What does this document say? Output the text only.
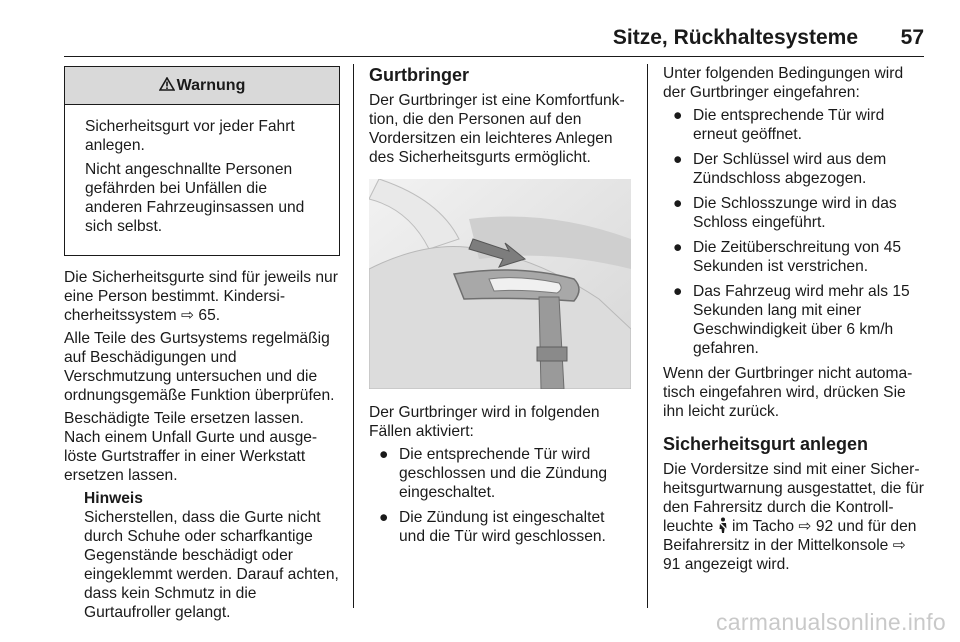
Sitze, Rückhaltesysteme 57
Warnung

Sicherheitsgurt vor jeder Fahrt anlegen.

Nicht angeschnallte Personen gefährden bei Unfällen die anderen Fahrzeuginsassen und sich selbst.

Die Sicherheitsgurte sind für jeweils nur eine Person bestimmt. Kindersicherheitssystem ⇨ 65.

Alle Teile des Gurtsystems regelmäßig auf Beschädigungen und Verschmutzung untersuchen und die ordnungsgemäße Funktion überprüfen.

Beschädigte Teile ersetzen lassen. Nach einem Unfall Gurte und ausgelöste Gurtstraffer in einer Werkstatt ersetzen lassen.

Hinweis
Sicherstellen, dass die Gurte nicht durch Schuhe oder scharfkantige Gegenstände beschädigt oder eingeklemmt werden. Darauf achten, dass kein Schmutz in die Gurtaufroller gelangt.
Gurtbringer

Der Gurtbringer ist eine Komfortfunktion, die den Personen auf den Vordersitzen ein leichteres Anlegen des Sicherheitsgurts ermöglicht.

Der Gurtbringer wird in folgenden Fällen aktiviert:

● Die entsprechende Tür wird geschlossen und die Zündung eingeschaltet.
● Die Zündung ist eingeschaltet und die Tür wird geschlossen.

Unter folgenden Bedingungen wird der Gurtbringer eingefahren:

● Die entsprechende Tür wird erneut geöffnet.
● Der Schlüssel wird aus dem Zündschloss abgezogen.
● Die Schlosszunge wird in das Schloss eingeführt.
● Die Zeitüberschreitung von 45 Sekunden ist verstrichen.
● Das Fahrzeug wird mehr als 15 Sekunden lang mit einer Geschwindigkeit über 6 km/h gefahren.

Wenn der Gurtbringer nicht automatisch eingefahren wird, drücken Sie ihn leicht zurück.

Sicherheitsgurt anlegen

Die Vordersitze sind mit einer Sicherheitsgurtwarnung ausgestattet, die für den Fahrersitz durch die Kontrollleuchte  im Tacho ⇨ 92 und für den Beifahrersitz in der Mittelkonsole ⇨ 91 angezeigt wird.

carmanualsonline.info
